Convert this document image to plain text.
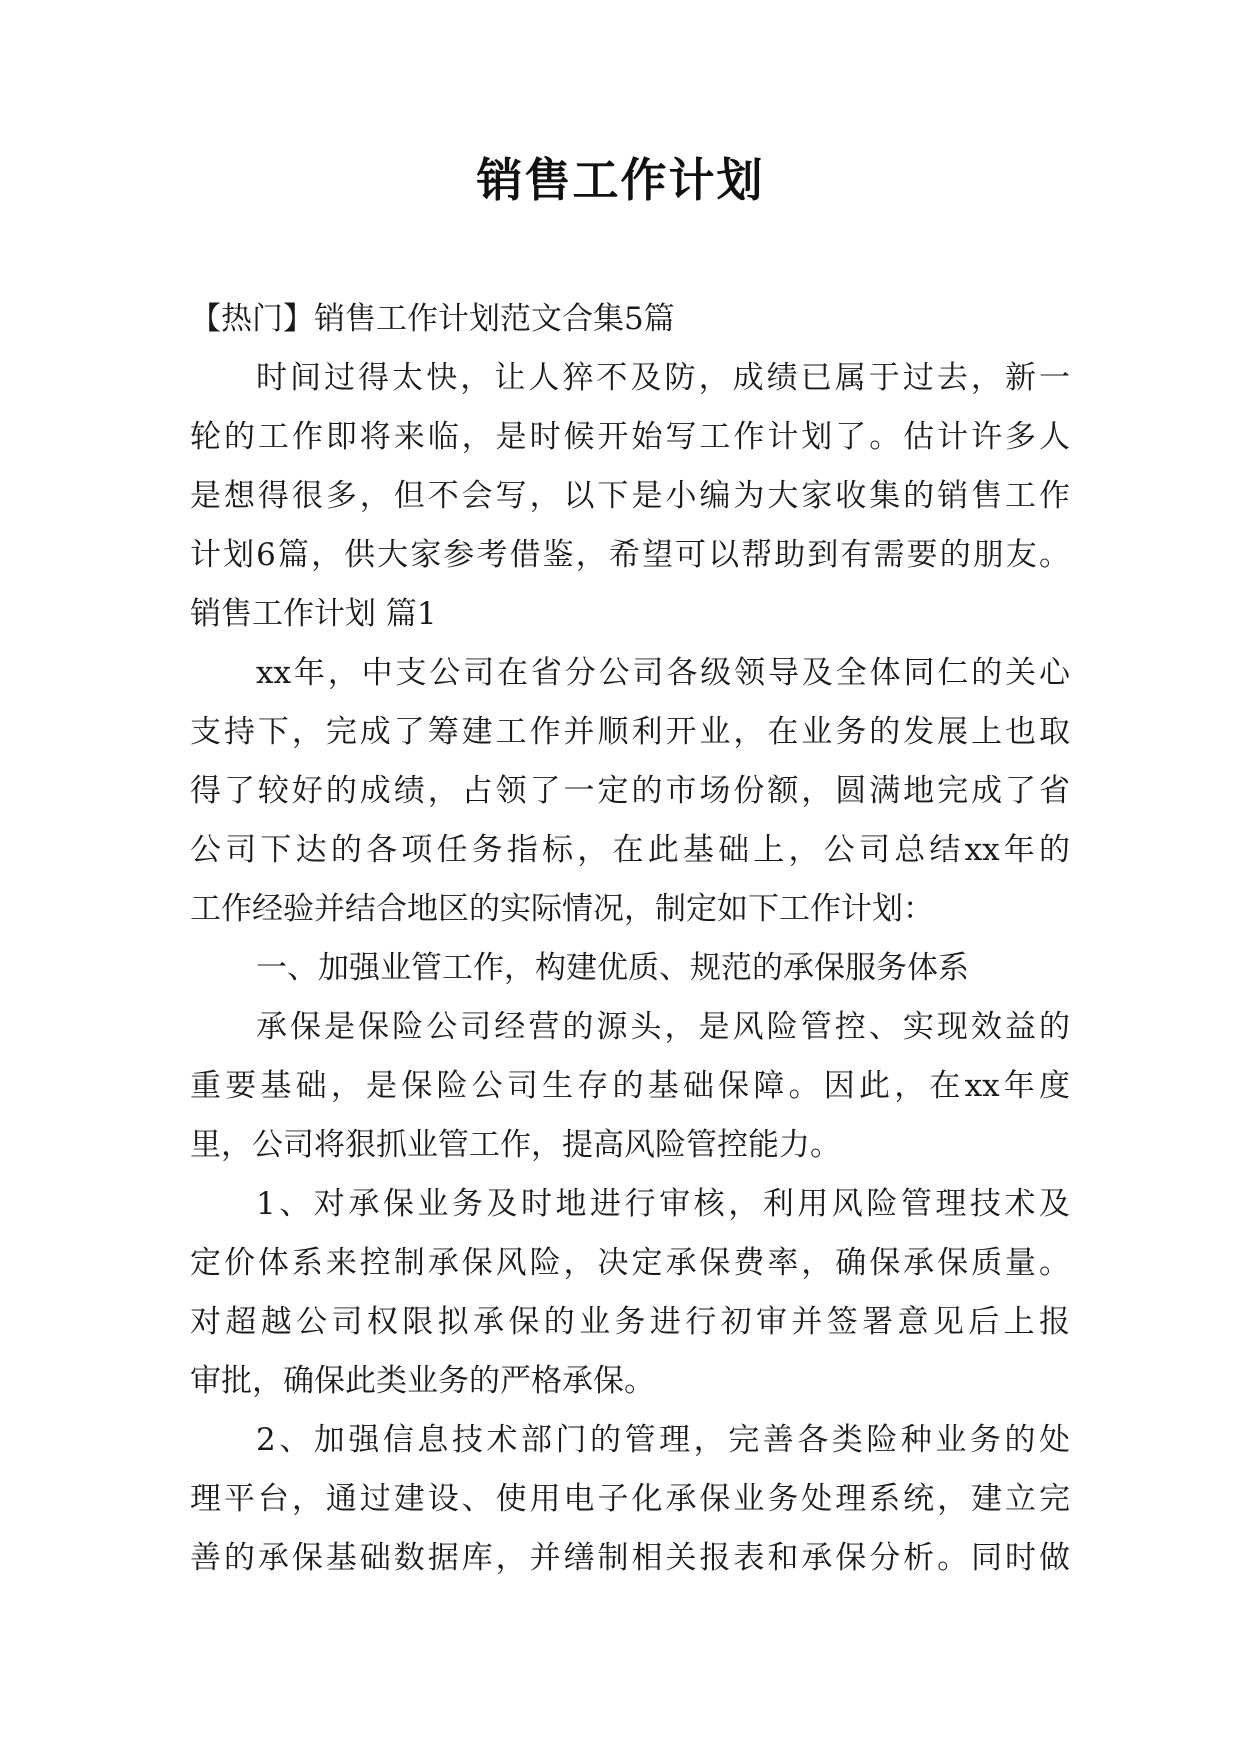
销售工作计划
【热门】销售工作计划范文合集5篇
时间过得太快，让人猝不及防，成绩已属于过去，新一
轮的工作即将来临，是时候开始写工作计划了。估计许多人
是想得很多，但不会写，以下是小编为大家收集的销售工作
计划6篇，供大家参考借鉴，希望可以帮助到有需要的朋友。
销售工作计划 篇1
xx年，中支公司在省分公司各级领导及全体同仁的关心
支持下，完成了筹建工作并顺利开业，在业务的发展上也取
得了较好的成绩，占领了一定的市场份额，圆满地完成了省
公司下达的各项任务指标，在此基础上，公司总结xx年的
工作经验并结合地区的实际情况，制定如下工作计划：
一、加强业管工作，构建优质、规范的承保服务体系
承保是保险公司经营的源头，是风险管控、实现效益的
重要基础，是保险公司生存的基础保障。因此，在xx年度
里，公司将狠抓业管工作，提高风险管控能力。
1、对承保业务及时地进行审核，利用风险管理技术及
定价体系来控制承保风险，决定承保费率，确保承保质量。
对超越公司权限拟承保的业务进行初审并签署意见后上报
审批，确保此类业务的严格承保。
2、加强信息技术部门的管理，完善各类险种业务的处
理平台，通过建设、使用电子化承保业务处理系统，建立完
善的承保基础数据库，并缮制相关报表和承保分析。同时做
